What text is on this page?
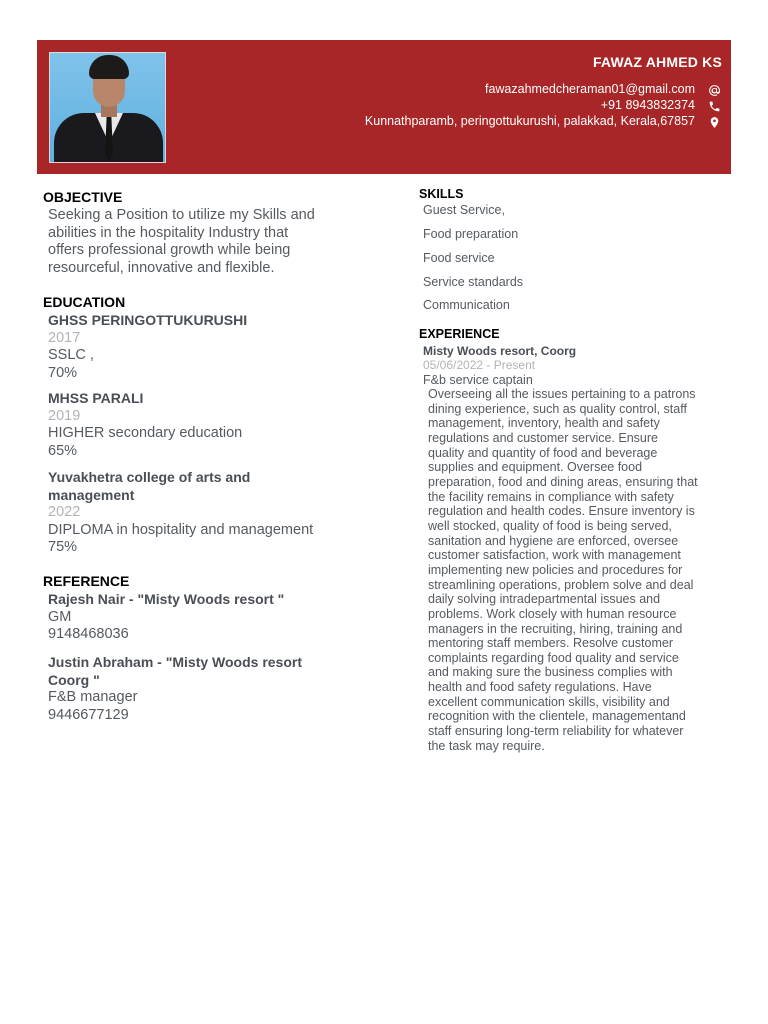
FAWAZ AHMED KS
fawazahmedcheraman01@gmail.com
+91 8943832374
Kunnathparamb, peringottukurushi, palakkad, Kerala,67857
OBJECTIVE
Seeking a Position to utilize my Skills and
abilities in the hospitality Industry that
offers professional growth while being
resourceful, innovative and flexible.
EDUCATION
GHSS PERINGOTTUKURUSHI
2017
SSLC ,
70%
MHSS PARALI
2019
HIGHER secondary education
65%
Yuvakhetra college of arts and
management
2022
DIPLOMA in hospitality and management
75%
REFERENCE
Rajesh Nair - "Misty Woods resort "
GM
9148468036
Justin Abraham - "Misty Woods resort
Coorg "
F&B manager
9446677129
SKILLS
Guest Service,
Food preparation
Food service
Service standards
Communication
EXPERIENCE
Misty Woods resort, Coorg
05/06/2022 - Present
F&b service captain
Overseeing all the issues pertaining to a patrons
dining experience, such as quality control, staff
management, inventory, health and safety
regulations and customer service. Ensure
quality and quantity of food and beverage
supplies and equipment. Oversee food
preparation, food and dining areas, ensuring that
the facility remains in compliance with safety
regulation and health codes. Ensure inventory is
well stocked, quality of food is being served,
sanitation and hygiene are enforced, oversee
customer satisfaction, work with management
implementing new policies and procedures for
streamlining operations, problem solve and deal
daily solving intradepartmental issues and
problems. Work closely with human resource
managers in the recruiting, hiring, training and
mentoring staff members. Resolve customer
complaints regarding food quality and service
and making sure the business complies with
health and food safety regulations. Have
excellent communication skills, visibility and
recognition with the clientele, managementand
staff ensuring long-term reliability for whatever
the task may require.
